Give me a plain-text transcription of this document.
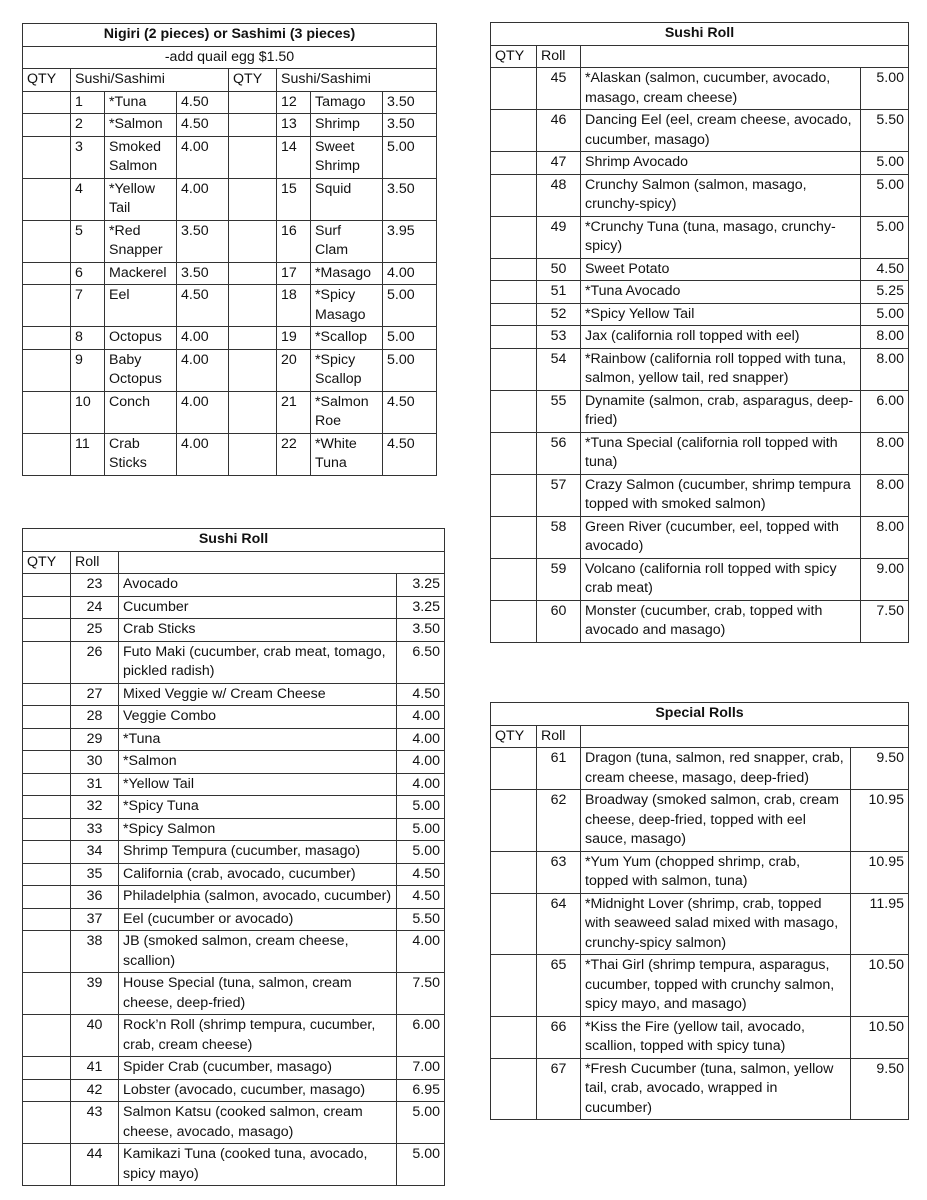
Nigiri (2 pieces) or Sashimi (3 pieces)							
-add quail egg $1.50							
QTY	Sushi/Sashimi			QTY	Sushi/Sashimi		
	1	*Tuna	4.50		12	Tamago	3.50
	2	*Salmon	4.50		13	Shrimp	3.50
	3	Smoked Salmon	4.00		14	Sweet Shrimp	5.00
	4	*Yellow Tail	4.00		15	Squid	3.50
	5	*Red Snapper	3.50		16	Surf Clam	3.95
	6	Mackerel	3.50		17	*Masago	4.00
	7	Eel	4.50		18	*Spicy Masago	5.00
	8	Octopus	4.00		19	*Scallop	5.00
	9	Baby Octopus	4.00		20	*Spicy Scallop	5.00
	10	Conch	4.00		21	*Salmon Roe	4.50
	11	Crab Sticks	4.00		22	*White Tuna	4.50
Sushi Roll			
QTY	Roll		
	23	Avocado	3.25
	24	Cucumber	3.25
	25	Crab Sticks	3.50
	26	Futo Maki (cucumber, crab meat, tomago, pickled radish)	6.50
	27	Mixed Veggie w/ Cream Cheese	4.50
	28	Veggie Combo	4.00
	29	*Tuna	4.00
	30	*Salmon	4.00
	31	*Yellow Tail	4.00
	32	*Spicy Tuna	5.00
	33	*Spicy Salmon	5.00
	34	Shrimp Tempura (cucumber, masago)	5.00
	35	California (crab, avocado, cucumber)	4.50
	36	Philadelphia (salmon, avocado, cucumber)	4.50
	37	Eel (cucumber or avocado)	5.50
	38	JB (smoked salmon, cream cheese, scallion)	4.00
	39	House Special (tuna, salmon, cream cheese, deep-fried)	7.50
	40	Rock’n Roll (shrimp tempura, cucumber, crab, cream cheese)	6.00
	41	Spider Crab (cucumber, masago)	7.00
	42	Lobster (avocado, cucumber, masago)	6.95
	43	Salmon Katsu (cooked salmon, cream cheese, avocado, masago)	5.00
	44	Kamikazi Tuna (cooked tuna, avocado, spicy mayo)	5.00
Sushi Roll			
QTY	Roll		
	45	*Alaskan (salmon, cucumber, avocado, masago, cream cheese)	5.00
	46	Dancing Eel (eel, cream cheese, avocado, cucumber, masago)	5.50
	47	Shrimp Avocado	5.00
	48	Crunchy Salmon (salmon, masago, crunchy-spicy)	5.00
	49	*Crunchy Tuna (tuna, masago, crunchy-spicy)	5.00
	50	Sweet Potato	4.50
	51	*Tuna Avocado	5.25
	52	*Spicy Yellow Tail	5.00
	53	Jax (california roll topped with eel)	8.00
	54	*Rainbow (california roll topped with tuna, salmon, yellow tail, red snapper)	8.00
	55	Dynamite (salmon, crab, asparagus, deep-fried)	6.00
	56	*Tuna Special (california roll topped with tuna)	8.00
	57	Crazy Salmon (cucumber, shrimp tempura topped with smoked salmon)	8.00
	58	Green River (cucumber, eel, topped with avocado)	8.00
	59	Volcano (california roll topped with spicy crab meat)	9.00
	60	Monster (cucumber, crab, topped with avocado and masago)	7.50
Special Rolls			
QTY	Roll		
	61	Dragon (tuna, salmon, red snapper, crab, cream cheese, masago, deep-fried)	9.50
	62	Broadway (smoked salmon, crab, cream cheese, deep-fried, topped with eel sauce, masago)	10.95
	63	*Yum Yum (chopped shrimp, crab, topped with salmon, tuna)	10.95
	64	*Midnight Lover (shrimp, crab, topped with seaweed salad mixed with masago, crunchy-spicy salmon)	11.95
	65	*Thai Girl (shrimp tempura, asparagus, cucumber, topped with crunchy salmon, spicy mayo, and masago)	10.50
	66	*Kiss the Fire (yellow tail, avocado, scallion, topped with spicy tuna)	10.50
	67	*Fresh Cucumber (tuna, salmon, yellow tail, crab, avocado, wrapped in cucumber)	9.50
